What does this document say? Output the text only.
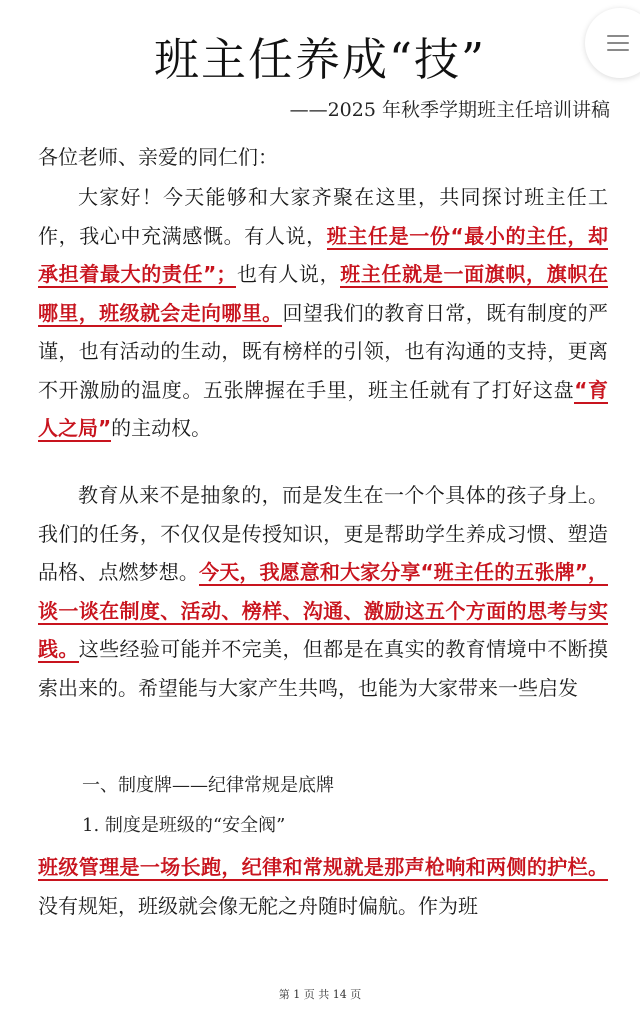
班主任养成“技”
——2025 年秋季学期班主任培训讲稿
各位老师、亲爱的同仁们：
大家好！今天能够和大家齐聚在这里，共同探讨班主任工作，我心中充满感慨。有人说，班主任是一份“最小的主任，却承担着最大的责任”；也有人说，班主任就是一面旗帜，旗帜在哪里，班级就会走向哪里。回望我们的教育日常，既有制度的严谨，也有活动的生动，既有榜样的引领，也有沟通的支持，更离不开激励的温度。五张牌握在手里，班主任就有了打好这盘“育人之局”的主动权。
教育从来不是抽象的，而是发生在一个个具体的孩子身上。我们的任务，不仅仅是传授知识，更是帮助学生养成习惯、塑造品格、点燃梦想。今天，我愿意和大家分享“班主任的五张牌”，谈一谈在制度、活动、榜样、沟通、激励这五个方面的思考与实践。这些经验可能并不完美，但都是在真实的教育情境中不断摸索出来的。希望能与大家产生共鸣，也能为大家带来一些启发
一、制度牌——纪律常规是底牌
1. 制度是班级的“安全阀”
班级管理是一场长跑，纪律和常规就是那声枪响和两侧的护栏。没有规矩，班级就会像无舵之舟随时偏航。作为班
第 1 页 共 14 页
